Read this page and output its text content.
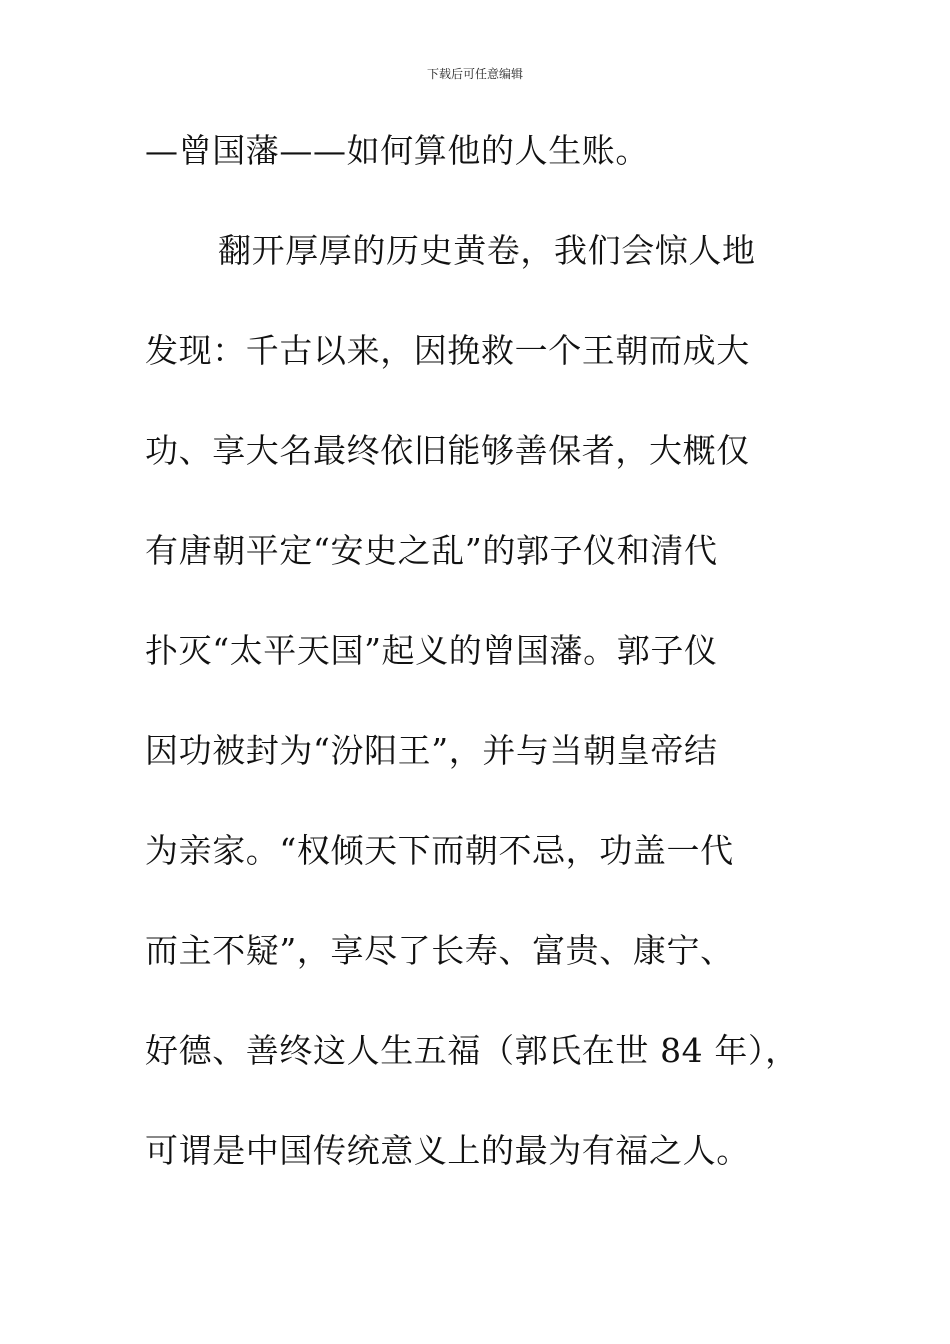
下载后可任意编辑
—曾国藩——如何算他的人生账。
翻开厚厚的历史黄卷，我们会惊人地
发现：千古以来，因挽救一个王朝而成大
功、享大名最终依旧能够善保者，大概仅
有唐朝平定“安史之乱”的郭子仪和清代
扑灭“太平天国”起义的曾国藩。郭子仪
因功被封为“汾阳王”，并与当朝皇帝结
为亲家。“权倾天下而朝不忌，功盖一代
而主不疑”，享尽了长寿、富贵、康宁、
好德、善终这人生五福（郭氏在世 84 年），
可谓是中国传统意义上的最为有福之人。
